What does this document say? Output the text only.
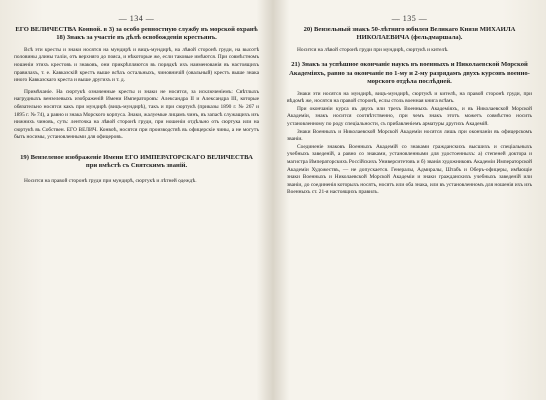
— 134 —
ЕГО ВЕЛИЧЕСТВА Конвой. в 3) за особо ревностную службу въ морской охранѣ 18) Знакъ за участіе въ дѣлѣ освобожденія крестьянъ.
Всѣ эти кресты и знаки носятся на мундирѣ и вицъ-мундирѣ, на лѣвой сторонѣ груди, на высотѣ половины длины таліи, отъ верхняго до пояса, и нѣкоторые же, если таковые имѣются. При совмѣстномъ ношеніи этихъ крестовъ и знаковъ, они прикрѣпляются въ порядкѣ ихъ наименованія въ настоящихъ правилахъ, т. е. Кавказскій крестъ выше всѣхъ остальныхъ, чиновничій (овальный) крестъ выше знака иного Кавказскаго креста и выше другихъ и т. д.
Примѣчаніе. На сюртукѣ означенные кресты и знаки не носятся, за исключеніемъ: Свѣтлыхъ нагрудныхъ вензелевыхъ изображеній Имени Императоровъ: Александра II и Александра III, которые обязательно носятся какъ при мундирѣ (вицъ-мундирѣ), такъ и при сюртукѣ (приказы 1890 г. № 267 и 1895 г. № 74), а равно и знака Морского корпуса. Знаки, жалуемые лицамъ чинъ, въ запасѣ служащихъ изъ нижнихъ чиновъ, суть: ленточка на лѣвой сторонѣ груди, при ношеніи отдѣльно отъ сюртука или на сюртукѣ въ Собствен. ЕГО ВЕЛИЧ. Конвоѣ, носятся при производствѣ въ офицерскіе чины, а не могутъ быть носимы, установленными для офицеровъ.
19) Вензелевое изображеніе Имени ЕГО ИМПЕРАТОРСКАГО ВЕЛИЧЕСТВА при вмѣстѣ съ Святскимъ званій.
Носится на правой сторонѣ груди при мундирѣ, сюртукѣ и лѣтней одеждѣ.
— 135 —
20) Вензельный знакъ 50-лѣтняго юбилея Великаго Князя МИХАИЛА НИКОЛАЕВИЧА (фельдмаршала).
Носится на лѣвой сторонѣ груди при мундирѣ, сюртукѣ и кителѣ.
21) Знакъ за успѣшное окончаніе наукъ въ военныхъ и Николаевской Морской Академіяхъ, равно за окончаніе по 1-му и 2-му разрядамъ двухъ курсовъ военно-морского отдѣла послѣдней.
Знаки эти носятся на мундирѣ, вицъ-мундирѣ, сюртукѣ и кителѣ, на правой сторонѣ груди, при вѣдомѣ же, носятся на правой сторонѣ, еслы столь военная книга всѣмъ.
При окончаніи курса въ двухъ или трехъ Военныхъ Академіяхъ, и въ Николаевской Морской Академіи, знакъ носится соотвѣтственно, при чемъ знакъ этотъ можетъ совмѣстно носить установленному по роду спеціальности, съ прибавленіемъ арматуры другихъ Академій.
Знаки Военныхъ и Николаевской Морской Академіи носятся лишь при окончаніи въ офицерскомъ званіи.
Соединеніе знаковъ Военныхъ Академій со знаками гражданскихъ высшихъ и спеціальныхъ учебныхъ заведеній, а равно со знаками, установленными для удостоенныхъ: а) степеней доктора и магистра Императорскихъ Россійскихъ Университетовъ и б) званія художниковъ Академіи Императорской Академіи Художествъ, — не допускается. Генералы, Адмиралы, Штабъ и Оберъ-офицеры, имѣющіе знаки Военныхъ и Николаевской Морской Академіи и знаки гражданскихъ учебныхъ заведеній или званіи, до соединенія которыхъ носятъ, носятъ или оба знака, или въ установленномъ для ношенія ихъ изъ Военныхъ ст. 21-я настоящихъ правилъ.
